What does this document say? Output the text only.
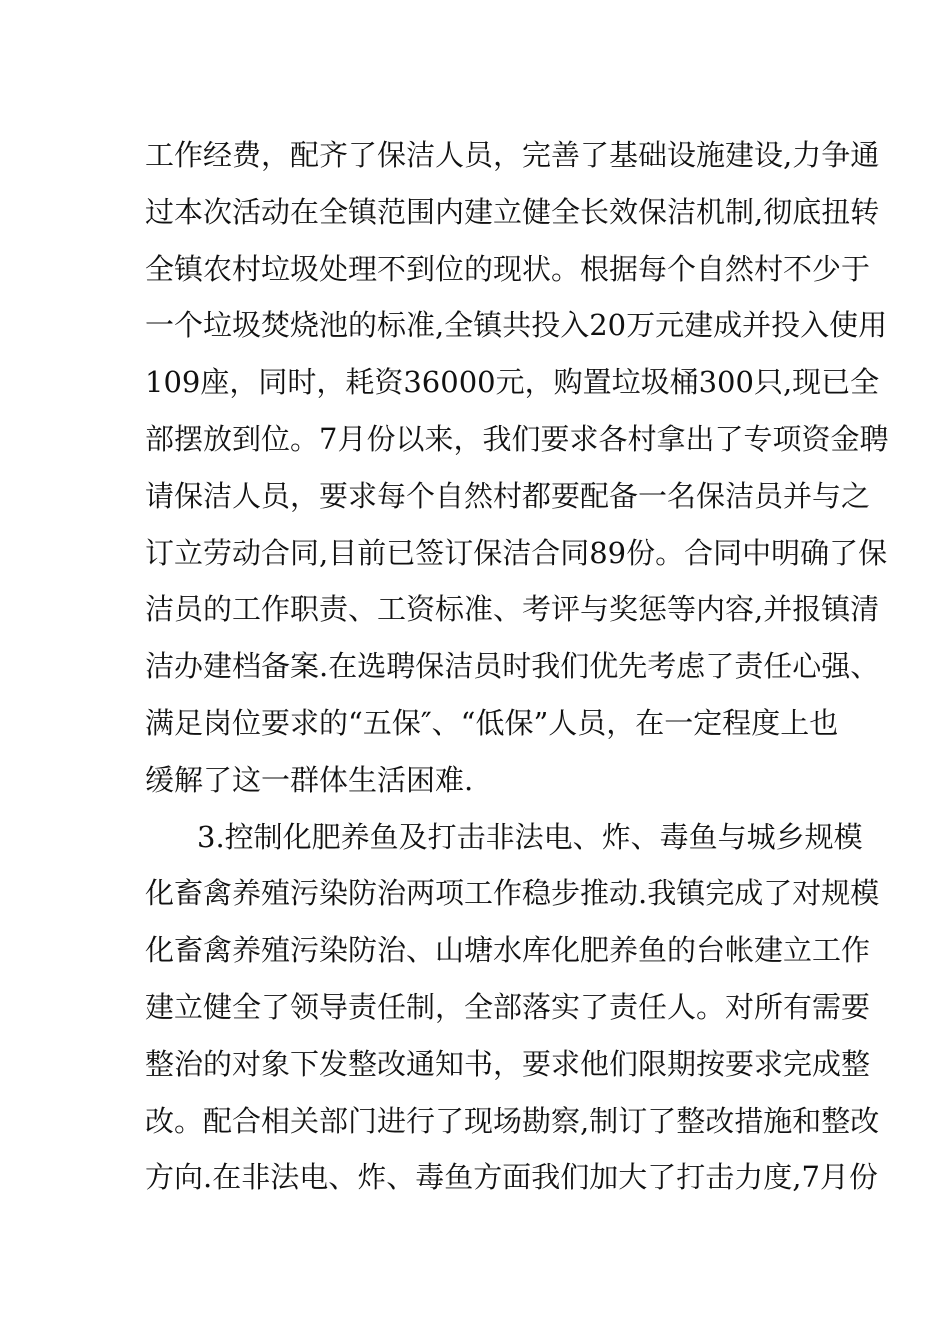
工作经费，配齐了保洁人员，完善了基础设施建设,力争通
过本次活动在全镇范围内建立健全长效保洁机制,彻底扭转
全镇农村垃圾处理不到位的现状。根据每个自然村不少于
一个垃圾焚烧池的标准,全镇共投入20万元建成并投入使用
109座，同时，耗资36000元，购置垃圾桶300只,现已全
部摆放到位。7月份以来，我们要求各村拿出了专项资金聘
请保洁人员，要求每个自然村都要配备一名保洁员并与之
订立劳动合同,目前已签订保洁合同89份。合同中明确了保
洁员的工作职责、工资标准、考评与奖惩等内容,并报镇清
洁办建档备案.在选聘保洁员时我们优先考虑了责任心强、
满足岗位要求的“五保″、“低保”人员，在一定程度上也
缓解了这一群体生活困难.
3.控制化肥养鱼及打击非法电、炸、毒鱼与城乡规模
化畜禽养殖污染防治两项工作稳步推动.我镇完成了对规模
化畜禽养殖污染防治、山塘水库化肥养鱼的台帐建立工作
建立健全了领导责任制，全部落实了责任人。对所有需要
整治的对象下发整改通知书，要求他们限期按要求完成整
改。配合相关部门进行了现场勘察,制订了整改措施和整改
方向.在非法电、炸、毒鱼方面我们加大了打击力度,7月份
